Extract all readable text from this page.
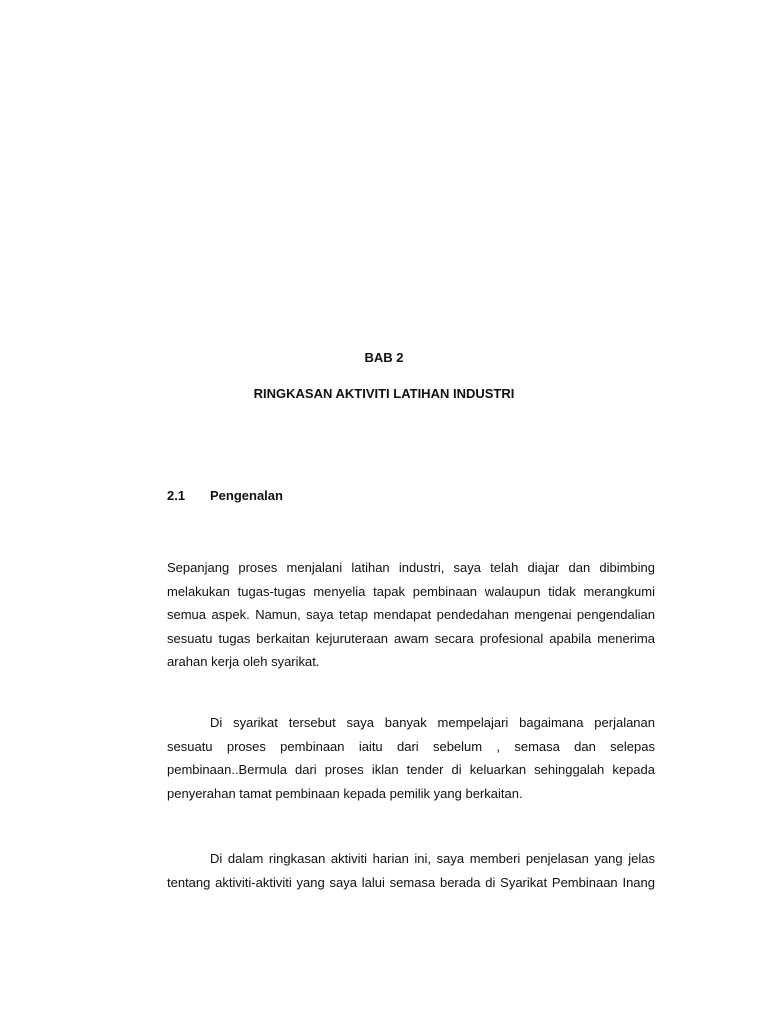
BAB 2
RINGKASAN AKTIVITI LATIHAN INDUSTRI
2.1 Pengenalan

Sepanjang proses menjalani latihan industri, saya telah diajar dan dibimbing
melakukan tugas-tugas menyelia tapak pembinaan walaupun tidak merangkumi
semua aspek. Namun, saya tetap mendapat pendedahan mengenai pengendalian
sesuatu tugas berkaitan kejuruteraan awam secara profesional apabila menerima
arahan kerja oleh syarikat.

Di syarikat tersebut saya banyak mempelajari bagaimana perjalanan
sesuatu proses pembinaan iaitu dari sebelum , semasa dan selepas
pembinaan..Bermula dari proses iklan tender di keluarkan sehinggalah kepada
penyerahan tamat pembinaan kepada pemilik yang berkaitan.

Di dalam ringkasan aktiviti harian ini, saya memberi penjelasan yang jelas
tentang aktiviti-aktiviti yang saya lalui semasa berada di Syarikat Pembinaan Inang
